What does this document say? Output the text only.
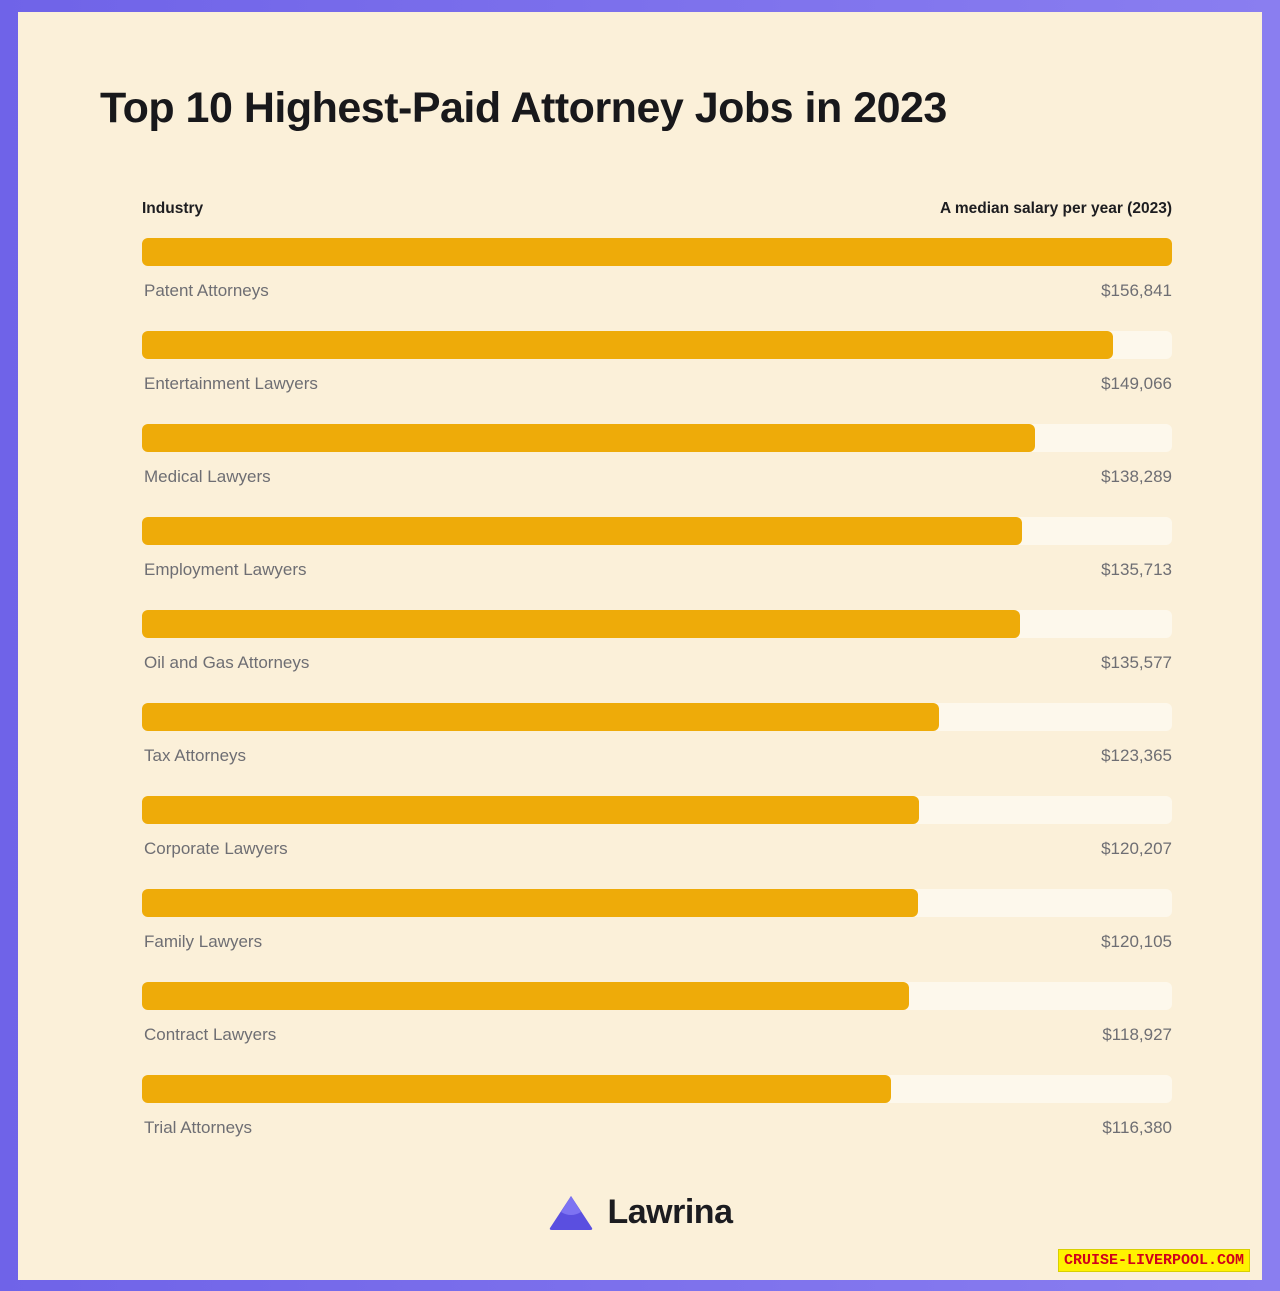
Top 10 Highest-Paid Attorney Jobs in 2023
Industry	A median salary per year (2023)
Patent Attorneys	$156,841
Entertainment Lawyers	$149,066
Medical Lawyers	$138,289
Employment Lawyers	$135,713
Oil and Gas Attorneys	$135,577
Tax Attorneys	$123,365
Corporate Lawyers	$120,207
Family Lawyers	$120,105
Contract Lawyers	$118,927
Trial Attorneys	$116,380
Lawrina
CRUISE-LIVERPOOL.COM
